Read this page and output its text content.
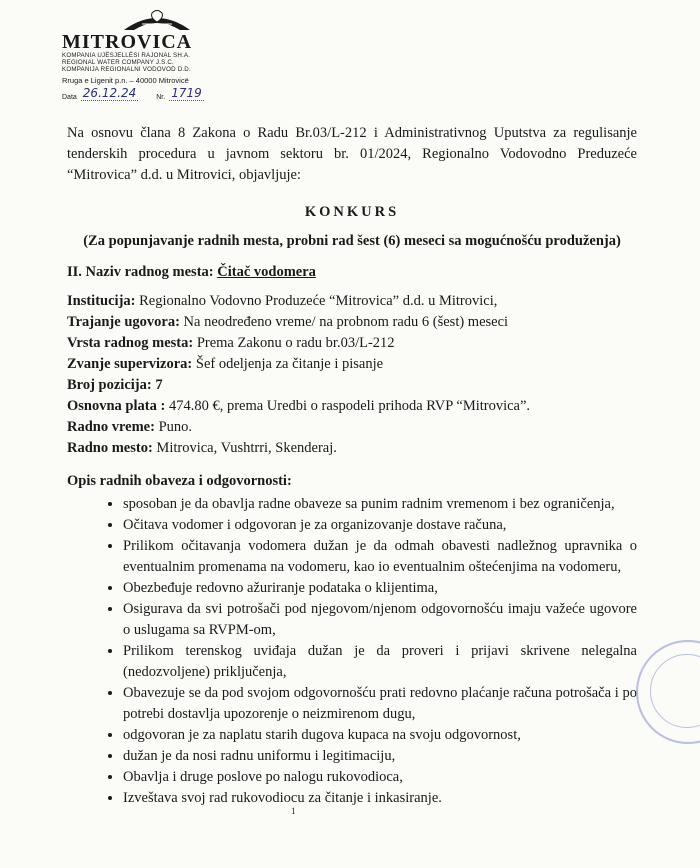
MITROVICA
KOMPANIA UJËSJELLËSI RAJONAL SH.A.
REGIONAL WATER COMPANY J.S.C.
KOMPANIJA REGIONALNI VODOVOD D.D.
Rruga e Ligenit p.n. – 40000 Mitrovicë
Data 26.12.24	Nr. 1719

Na osnovu člana 8 Zakona o Radu Br.03/L-212 i Administrativnog Uputstva za regulisanje tenderskih procedura u javnom sektoru br. 01/2024, Regionalno Vodovodno Preduzeće “Mitrovica” d.d. u Mitrovici, objavljuje:

KONKURS
(Za popunjavanje radnih mesta, probni rad šest (6) meseci sa mogućnošću produženja)
II. Naziv radnog mesta: Čitač vodomera
Institucija: Regionalno Vodovno Produzeće “Mitrovica” d.d. u Mitrovici,
Trajanje ugovora: Na neodređeno vreme/ na probnom radu 6 (šest) meseci
Vrsta radnog mesta: Prema Zakonu o radu br.03/L-212
Zvanje supervizora: Šef odeljenja za čitanje i pisanje
Broj pozicija: 7
Osnovna plata : 474.80 €, prema Uredbi o raspodeli prihoda RVP “Mitrovica”.
Radno vreme: Puno.
Radno mesto: Mitrovica, Vushtrri, Skenderaj.
Opis radnih obaveza i odgovornosti:
• sposoban je da obavlja radne obaveze sa punim radnim vremenom i bez ograničenja,
• Očitava vodomer i odgovoran je za organizovanje dostave računa,
• Prilikom očitavanja vodomera dužan je da odmah obavesti nadležnog upravnika o eventualnim promenama na vodomeru, kao io eventualnim oštećenjima na vodomeru,
• Obezbeđuje redovno ažuriranje podataka o klijentima,
• Osigurava da svi potrošači pod njegovom/njenom odgovornošću imaju važeće ugovore o uslugama sa RVPM-om,
• Prilikom terenskog uviđaja dužan je da proveri i prijavi skrivene nelegalna (nedozvoljene) priključenja,
• Obavezuje se da pod svojom odgovornošću prati redovno plaćanje računa potrošača i po potrebi dostavlja upozorenje o neizmirenom dugu,
• odgovoran je za naplatu starih dugova kupaca na svoju odgovornost,
• dužan je da nosi radnu uniformu i legitimaciju,
• Obavlja i druge poslove po nalogu rukovodioca,
• Izveštava svoj rad rukovodiocu za čitanje i inkasiranje.
1
